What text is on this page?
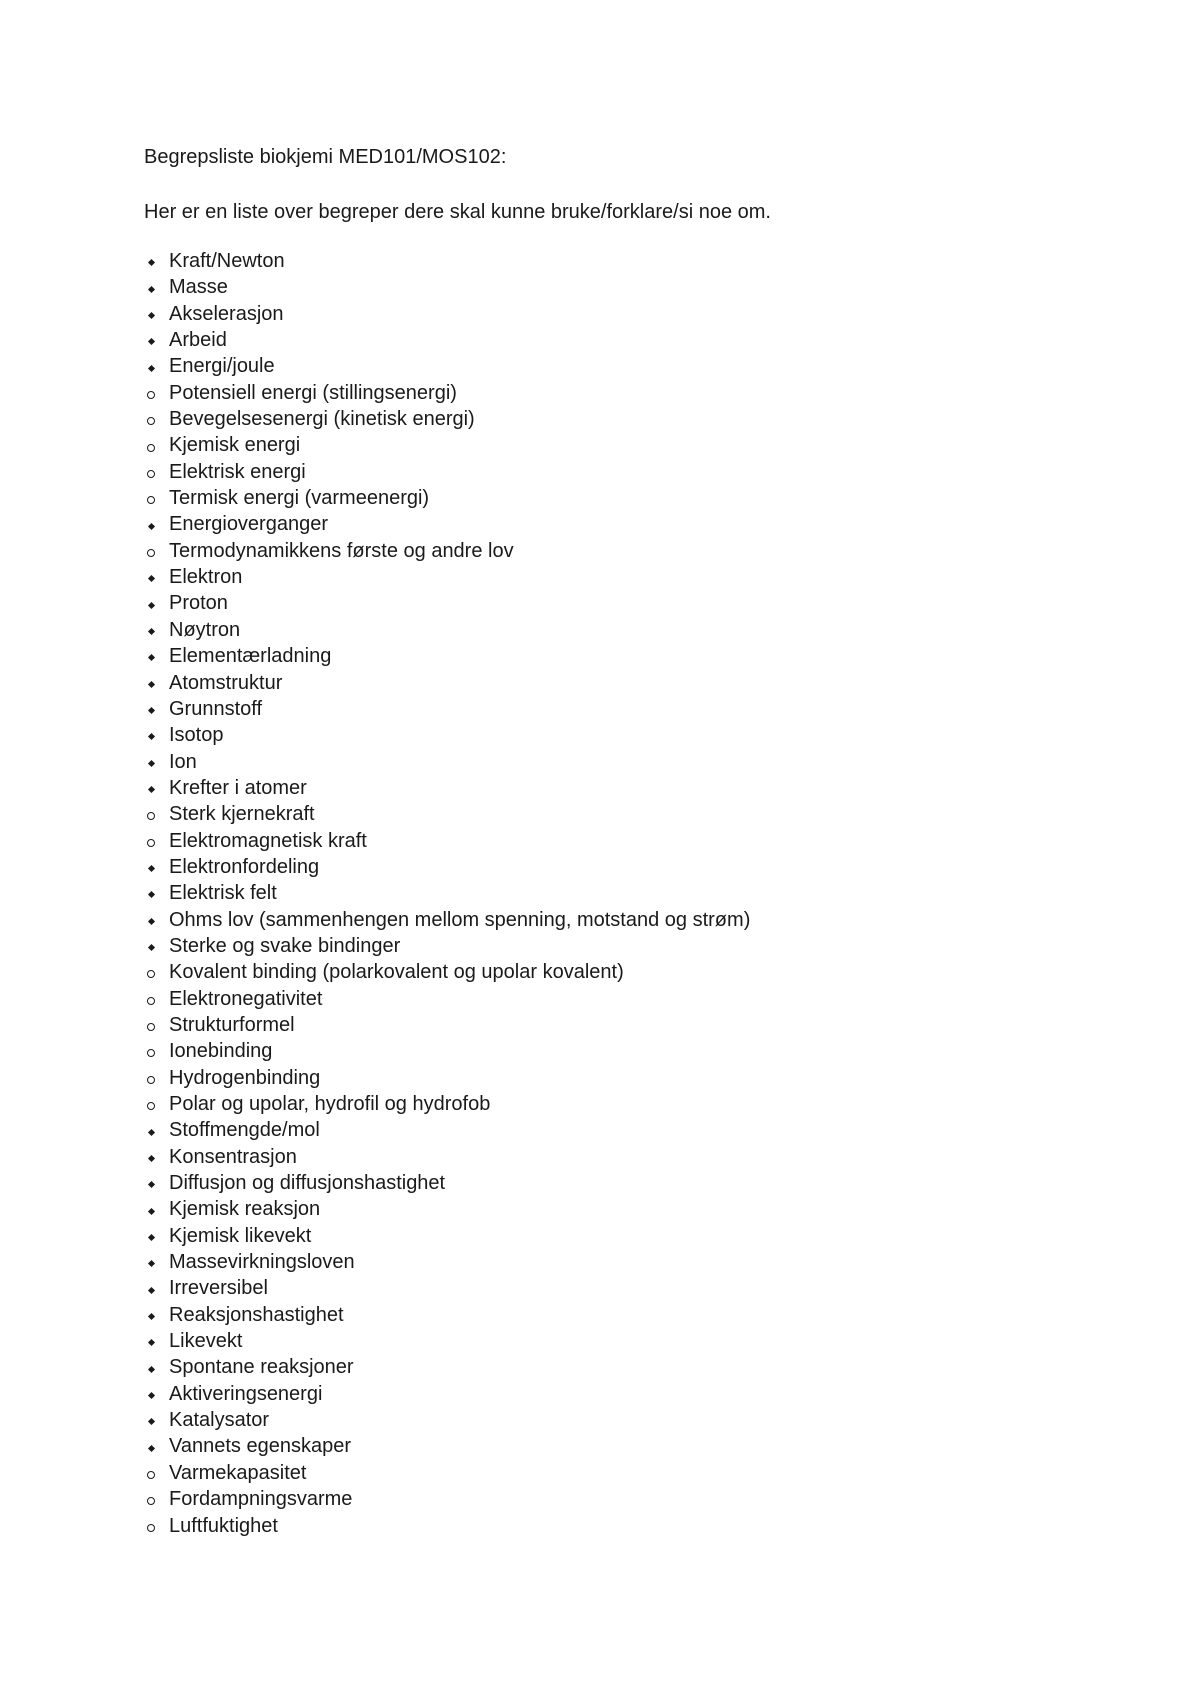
Begrepsliste biokjemi MED101/MOS102:

Her er en liste over begreper dere skal kunne bruke/forklare/si noe om.

Kraft/Newton
Masse
Akselerasjon
Arbeid
Energi/joule
Potensiell energi (stillingsenergi)
Bevegelsesenergi (kinetisk energi)
Kjemisk energi
Elektrisk energi
Termisk energi (varmeenergi)
Energioverganger
Termodynamikkens første og andre lov
Elektron
Proton
Nøytron
Elementærladning
Atomstruktur
Grunnstoff
Isotop
Ion
Krefter i atomer
Sterk kjernekraft
Elektromagnetisk kraft
Elektronfordeling
Elektrisk felt
Ohms lov (sammenhengen mellom spenning, motstand og strøm)
Sterke og svake bindinger
Kovalent binding (polarkovalent og upolar kovalent)
Elektronegativitet
Strukturformel
Ionebinding
Hydrogenbinding
Polar og upolar, hydrofil og hydrofob
Stoffmengde/mol
Konsentrasjon
Diffusjon og diffusjonshastighet
Kjemisk reaksjon
Kjemisk likevekt
Massevirkningsloven
Irreversibel
Reaksjonshastighet
Likevekt
Spontane reaksjoner
Aktiveringsenergi
Katalysator
Vannets egenskaper
Varmekapasitet
Fordampningsvarme
Luftfuktighet
